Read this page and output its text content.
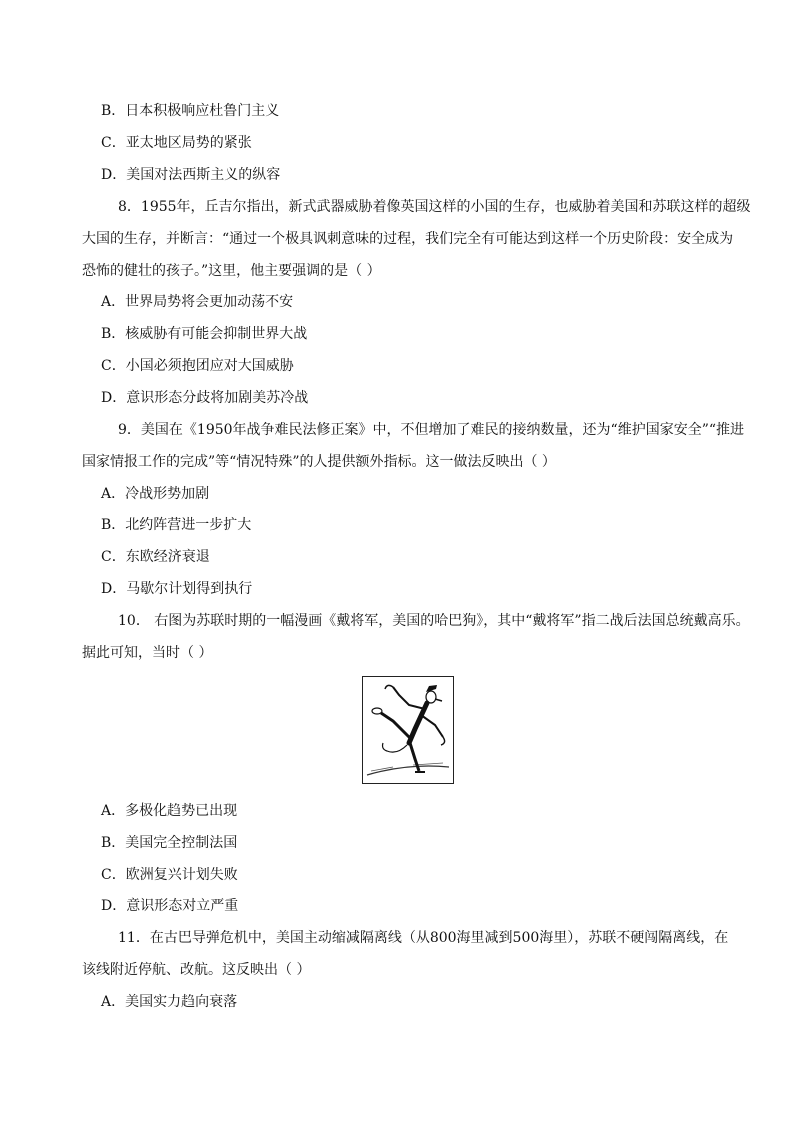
B．日本积极响应杜鲁门主义
C．亚太地区局势的紧张
D．美国对法西斯主义的纵容
8．1955年，丘吉尔指出，新式武器威胁着像英国这样的小国的生存，也威胁着美国和苏联这样的超级
大国的生存，并断言：“通过一个极具讽刺意味的过程，我们完全有可能达到这样一个历史阶段：安全成为
恐怖的健壮的孩子。”这里，他主要强调的是（ ）
A．世界局势将会更加动荡不安
B．核威胁有可能会抑制世界大战
C．小国必须抱团应对大国威胁
D．意识形态分歧将加剧美苏冷战
9．美国在《1950年战争难民法修正案》中，不但增加了难民的接纳数量，还为“维护国家安全”“推进
国家情报工作的完成”等“情况特殊”的人提供额外指标。这一做法反映出（ ）
A．冷战形势加剧
B．北约阵营进一步扩大
C．东欧经济衰退
D．马歇尔计划得到执行
10． 右图为苏联时期的一幅漫画《戴将军，美国的哈巴狗》，其中“戴将军”指二战后法国总统戴高乐。
据此可知，当时（ ）
A．多极化趋势已出现
B．美国完全控制法国
C．欧洲复兴计划失败
D．意识形态对立严重
11．在古巴导弹危机中，美国主动缩减隔离线（从800海里减到500海里），苏联不硬闯隔离线，在
该线附近停航、改航。这反映出（ ）
A．美国实力趋向衰落
